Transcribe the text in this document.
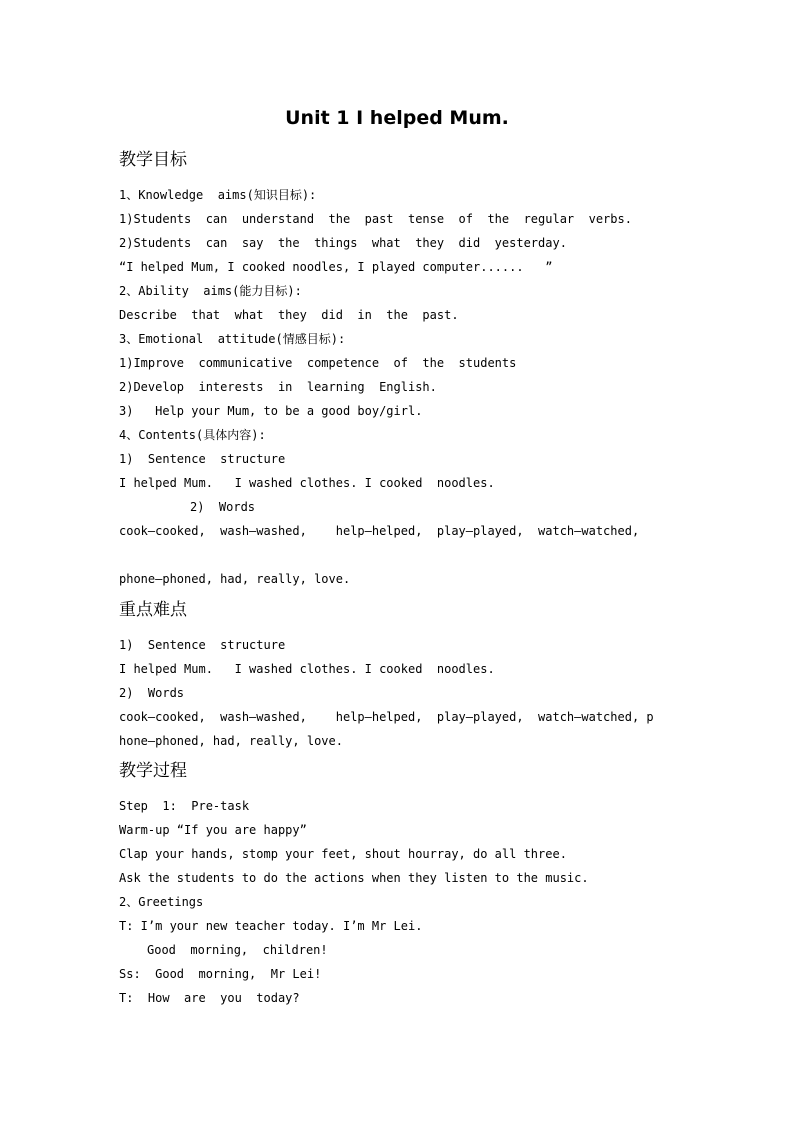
Unit 1 I helped Mum.
教学目标
1、Knowledge  aims(知识目标):
1)Students  can  understand  the  past  tense  of  the  regular  verbs.
2)Students  can  say  the  things  what  they  did  yesterday.
“I helped Mum, I cooked noodles, I played computer......   ”
2、Ability  aims(能力目标):
Describe  that  what  they  did  in  the  past.
3、Emotional  attitude(情感目标):
1)Improve  communicative  competence  of  the  students
2)Develop  interests  in  learning  English.
3)   Help your Mum, to be a good boy/girl.
4、Contents(具体内容):
1)  Sentence  structure
I helped Mum.   I washed clothes. I cooked  noodles.
2)  Words
cook—cooked,  wash—washed,    help—helped,  play—played,  watch—watched,
phone—phoned, had, really, love.
重点难点
1)  Sentence  structure
I helped Mum.   I washed clothes. I cooked  noodles.
2)  Words
cook—cooked,  wash—washed,    help—helped,  play—played,  watch—watched, p
hone—phoned, had, really, love.
教学过程
Step  1:  Pre-task
Warm-up “If you are happy”
Clap your hands, stomp your feet, shout hourray, do all three.
Ask the students to do the actions when they listen to the music.
2、Greetings
T: I’m your new teacher today. I’m Mr Lei.
Good  morning,  children!
Ss:  Good  morning,  Mr Lei!
T:  How  are  you  today?
